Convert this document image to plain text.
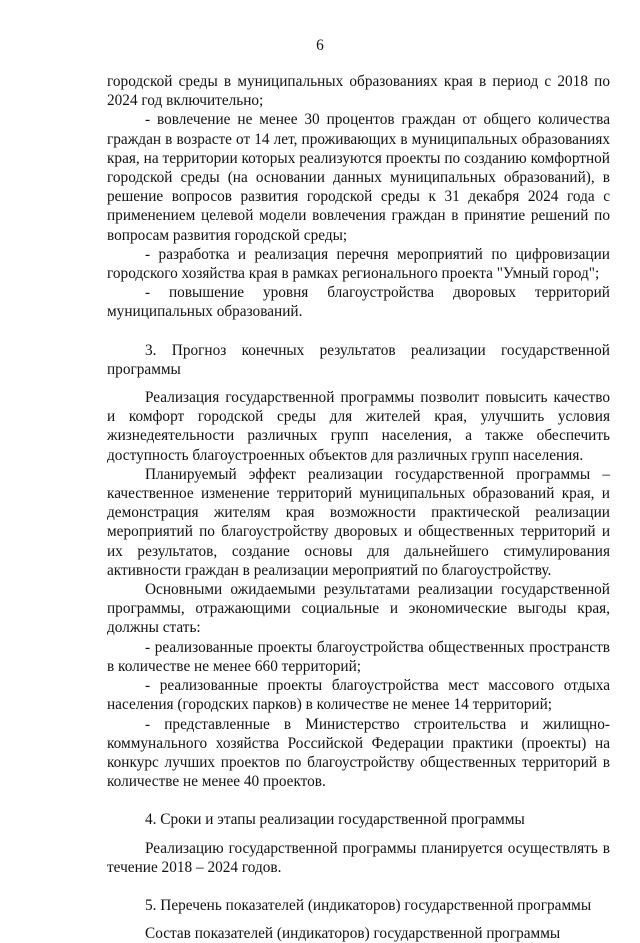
6

городской среды в муниципальных образованиях края в период с 2018 по 2024 год включительно;

- вовлечение не менее 30 процентов граждан от общего количества граждан в возрасте от 14 лет, проживающих в муниципальных образованиях края, на территории которых реализуются проекты по созданию комфортной городской среды (на основании данных муниципальных образований), в решение вопросов развития городской среды к 31 декабря 2024 года с применением целевой модели вовлечения граждан в принятие решений по вопросам развития городской среды;

- разработка и реализация перечня мероприятий по цифровизации городского хозяйства края в рамках регионального проекта "Умный город";

- повышение уровня благоустройства дворовых территорий муниципальных образований.

3. Прогноз конечных результатов реализации государственной программы

Реализация государственной программы позволит повысить качество и комфорт городской среды для жителей края, улучшить условия жизнедеятельности различных групп населения, а также обеспечить доступность благоустроенных объектов для различных групп населения.

Планируемый эффект реализации государственной программы – качественное изменение территорий муниципальных образований края, и демонстрация жителям края возможности практической реализации мероприятий по благоустройству дворовых и общественных территорий и их результатов, создание основы для дальнейшего стимулирования активности граждан в реализации мероприятий по благоустройству.

Основными ожидаемыми результатами реализации государственной программы, отражающими социальные и экономические выгоды края, должны стать:

- реализованные проекты благоустройства общественных пространств в количестве не менее 660 территорий;

- реализованные проекты благоустройства мест массового отдыха населения (городских парков) в количестве не менее 14 территорий;

- представленные в Министерство строительства и жилищно-коммунального хозяйства Российской Федерации практики (проекты) на конкурс лучших проектов по благоустройству общественных территорий в количестве не менее 40 проектов.

4. Сроки и этапы реализации государственной программы

Реализацию государственной программы планируется осуществлять в течение 2018 – 2024 годов.

5. Перечень показателей (индикаторов) государственной программы

Состав показателей (индикаторов) государственной программы
